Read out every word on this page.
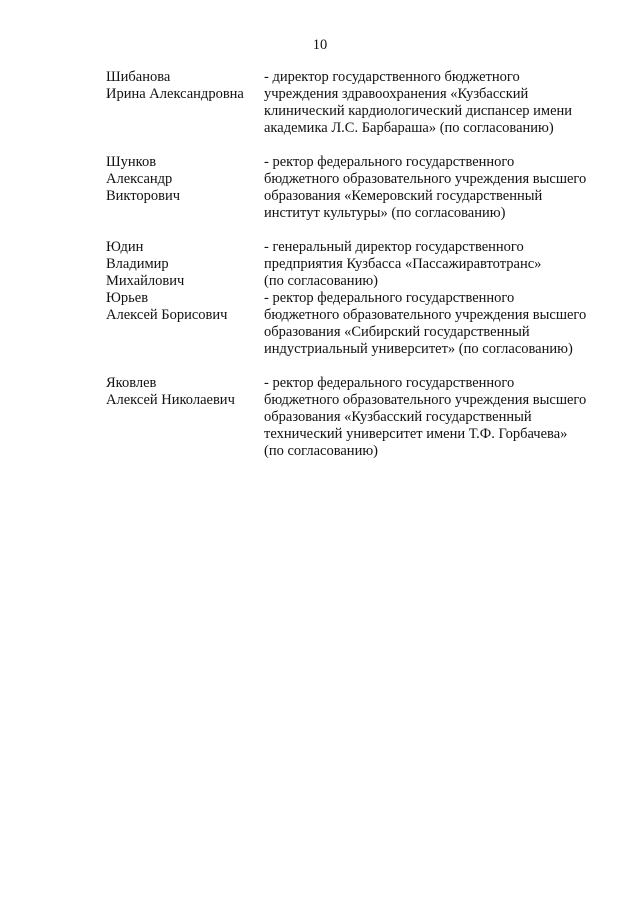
10
Шибанова
Ирина Александровна
- директор государственного бюджетного
учреждения здравоохранения «Кузбасский
клинический кардиологический диспансер имени
академика Л.С. Барбараша» (по согласованию)
Шунков
Александр
Викторович
- ректор федерального государственного
бюджетного образовательного учреждения высшего
образования «Кемеровский государственный
институт культуры» (по согласованию)
Юдин
Владимир
Михайлович
- генеральный директор государственного
предприятия Кузбасса «Пассажиравтотранс»
(по согласованию)
Юрьев
Алексей Борисович
- ректор федерального государственного
бюджетного образовательного учреждения высшего
образования «Сибирский государственный
индустриальный университет» (по согласованию)
Яковлев
Алексей Николаевич
- ректор федерального государственного
бюджетного образовательного учреждения высшего
образования «Кузбасский государственный
технический университет имени Т.Ф. Горбачева»
(по согласованию)
